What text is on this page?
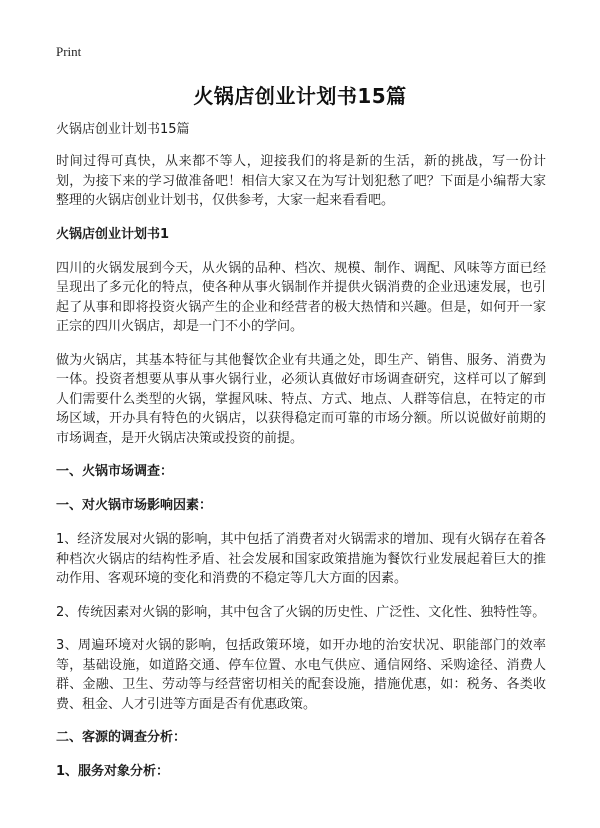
Print
火锅店创业计划书15篇
火锅店创业计划书15篇

时间过得可真快，从来都不等人，迎接我们的将是新的生活，新的挑战，写一份计划，为接下来的学习做准备吧！相信大家又在为写计划犯愁了吧？下面是小编帮大家整理的火锅店创业计划书，仅供参考，大家一起来看看吧。

火锅店创业计划书1

四川的火锅发展到今天，从火锅的品种、档次、规模、制作、调配、风味等方面已经呈现出了多元化的特点，使各种从事火锅制作并提供火锅消费的企业迅速发展，也引起了从事和即将投资火锅产生的企业和经营者的极大热情和兴趣。但是，如何开一家正宗的四川火锅店，却是一门不小的学问。

做为火锅店，其基本特征与其他餐饮企业有共通之处，即生产、销售、服务、消费为一体。投资者想要从事从事火锅行业，必须认真做好市场调查研究，这样可以了解到人们需要什么类型的火锅，掌握风味、特点、方式、地点、人群等信息，在特定的市场区域，开办具有特色的火锅店，以获得稳定而可靠的市场分额。所以说做好前期的市场调查，是开火锅店决策或投资的前提。

一、火锅市场调查：
一、对火锅市场影响因素：

1、经济发展对火锅的影响，其中包括了消费者对火锅需求的增加、现有火锅存在着各种档次火锅店的结构性矛盾、社会发展和国家政策措施为餐饮行业发展起着巨大的推动作用、客观环境的变化和消费的不稳定等几大方面的因素。

2、传统因素对火锅的影响，其中包含了火锅的历史性、广泛性、文化性、独特性等。

3、周遍环境对火锅的影响，包括政策环境，如开办地的治安状况、职能部门的效率等，基础设施，如道路交通、停车位置、水电气供应、通信网络、采购途径、消费人群、金融、卫生、劳动等与经营密切相关的配套设施，措施优惠，如：税务、各类收费、租金、人才引进等方面是否有优惠政策。

二、客源的调查分析：
1、服务对象分析：
